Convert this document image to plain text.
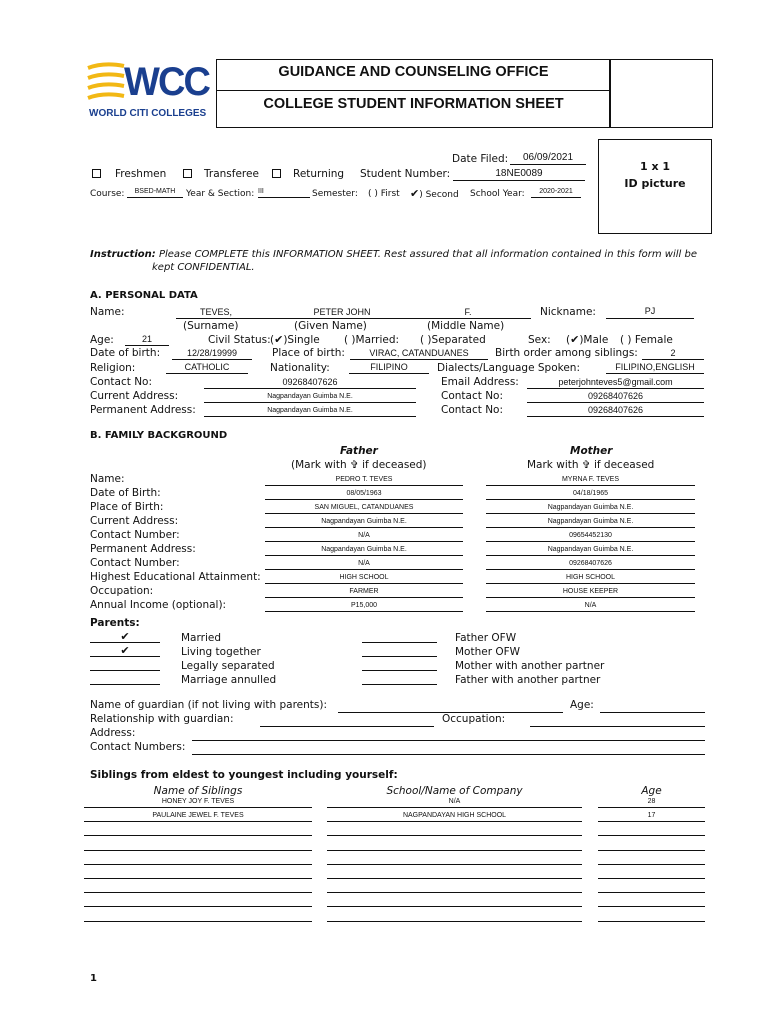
WCC
WORLD CITI COLLEGES
GUIDANCE AND COUNSELING OFFICE
COLLEGE STUDENT INFORMATION SHEET
1 x 1
ID picture
Date Filed:	06/09/2021
Freshmen	Transferee	Returning Student Number:	18NE0089
Course:	BSED-MATH	Year & Section: III	Semester: ( ) First ✔) Second School Year:	2020-2021
Instruction: Please COMPLETE this INFORMATION SHEET. Rest assured that all information contained in this form will be
kept CONFIDENTIAL.
A. PERSONAL DATA
Name:	TEVES,	PETER JOHN	F.	Nickname:	PJ
(Surname)	(Given Name)	(Middle Name)
Age:	21	Civil Status: (✔)Single ( )Married: ( )Separated	Sex: (✔)Male ( ) Female
Date of birth:	12/28/19999	Place of birth:	VIRAC, CATANDUANES	Birth order among siblings:	2
Religion:	CATHOLIC	Nationality:	FILIPINO	Dialects/Language Spoken:	FILIPINO,ENGLISH
Contact No:	09268407626	Email Address:	peterjohnteves5@gmail.com
Current Address:	Nagpandayan Guimba N.E.	Contact No:	09268407626
Permanent Address:	Nagpandayan Guimba N.E.	Contact No:	09268407626
B. FAMILY BACKGROUND
Father	Mother
(Mark with ✞ if deceased)	Mark with ✞ if deceased
Name:	PEDRO T. TEVES	MYRNA F. TEVES
Date of Birth:	08/05/1963	04/18/1965
Place of Birth:	SAN MIGUEL, CATANDUANES	Nagpandayan Guimba N.E.
Current Address:	Nagpandayan Guimba N.E.	Nagpandayan Guimba N.E.
Contact Number:	N/A	09654452130
Permanent Address:	Nagpandayan Guimba N.E.	Nagpandayan Guimba N.E.
Contact Number:	N/A	09268407626
Highest Educational Attainment:	HIGH SCHOOL	HIGH SCHOOL
Occupation:	FARMER	HOUSE KEEPER
Annual Income (optional):	P15,000	N/A
Parents:
✔	Married
✔	Living together
Legally separated
Marriage annulled
Father OFW
Mother OFW
Mother with another partner
Father with another partner
Name of guardian (if not living with parents):	Age:
Relationship with guardian:	Occupation:
Address:
Contact Numbers:
Siblings from eldest to youngest including yourself:
Name of Siblings	School/Name of Company	Age
HONEY JOY F. TEVES	N/A	28
PAULAINE JEWEL F. TEVES	NAGPANDAYAN HIGH SCHOOL	17
1
